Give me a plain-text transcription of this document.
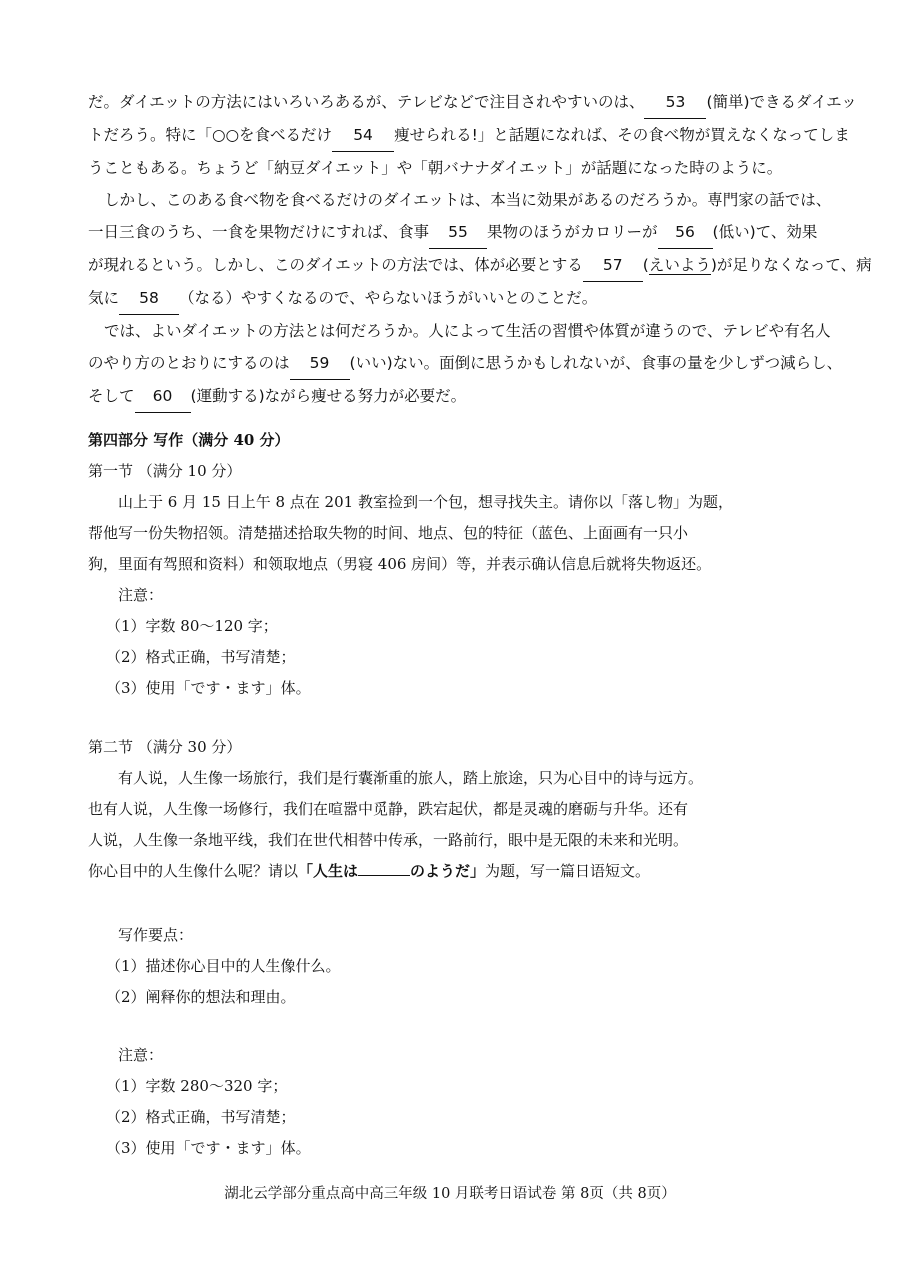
だ。ダイエットの方法にはいろいろあるが、テレビなどで注目されやすいのは、 53 (簡単)できるダイエッ

トだろう。特に「○○を食べるだけ 54 痩せられる!」と話題になれば、その食べ物が買えなくなってしま

うこともある。ちょうど「納豆ダイエット」や「朝バナナダイエット」が話題になった時のように。

しかし、このある食べ物を食べるだけのダイエットは、本当に効果があるのだろうか。専門家の話では、

一日三食のうち、一食を果物だけにすれば、食事 55 果物のほうがカロリーが 56 (低い)て、効果

が現れるという。しかし、このダイエットの方法では、体が必要とする 57 (えいよう)が足りなくなって、病

気に 58 （なる）やすくなるので、やらないほうがいいとのことだ。

では、よいダイエットの方法とは何だろうか。人によって生活の習慣や体質が違うので、テレビや有名人

のやり方のとおりにするのは 59 (いい)ない。面倒に思うかもしれないが、食事の量を少しずつ減らし、

そして 60 (運動する)ながら痩せる努力が必要だ。

第四部分 写作（满分 40 分）

第一节 （满分 10 分）

山上于 6 月 15 日上午 8 点在 201 教室捡到一个包，想寻找失主。请你以「落し物」为题，

帮他写一份失物招领。清楚描述拾取失物的时间、地点、包的特征（蓝色、上面画有一只小

狗，里面有驾照和资料）和领取地点（男寝 406 房间）等，并表示确认信息后就将失物返还。

注意：

（1）字数 80～120 字；

（2）格式正确，书写清楚；

（3）使用「です・ます」体。

第二节 （满分 30 分）

有人说，人生像一场旅行，我们是行囊渐重的旅人，踏上旅途，只为心目中的诗与远方。

也有人说，人生像一场修行，我们在喧嚣中觅静，跌宕起伏，都是灵魂的磨砺与升华。还有

人说，人生像一条地平线，我们在世代相替中传承，一路前行，眼中是无限的未来和光明。

你心目中的人生像什么呢？请以「人生は	のようだ」为题，写一篇日语短文。

写作要点：

（1）描述你心目中的人生像什么。

（2）阐释你的想法和理由。

注意：

（1）字数 280～320 字；

（2）格式正确，书写清楚；

（3）使用「です・ます」体。

湖北云学部分重点高中高三年级 10 月联考日语试卷 第 8页（共 8页）
